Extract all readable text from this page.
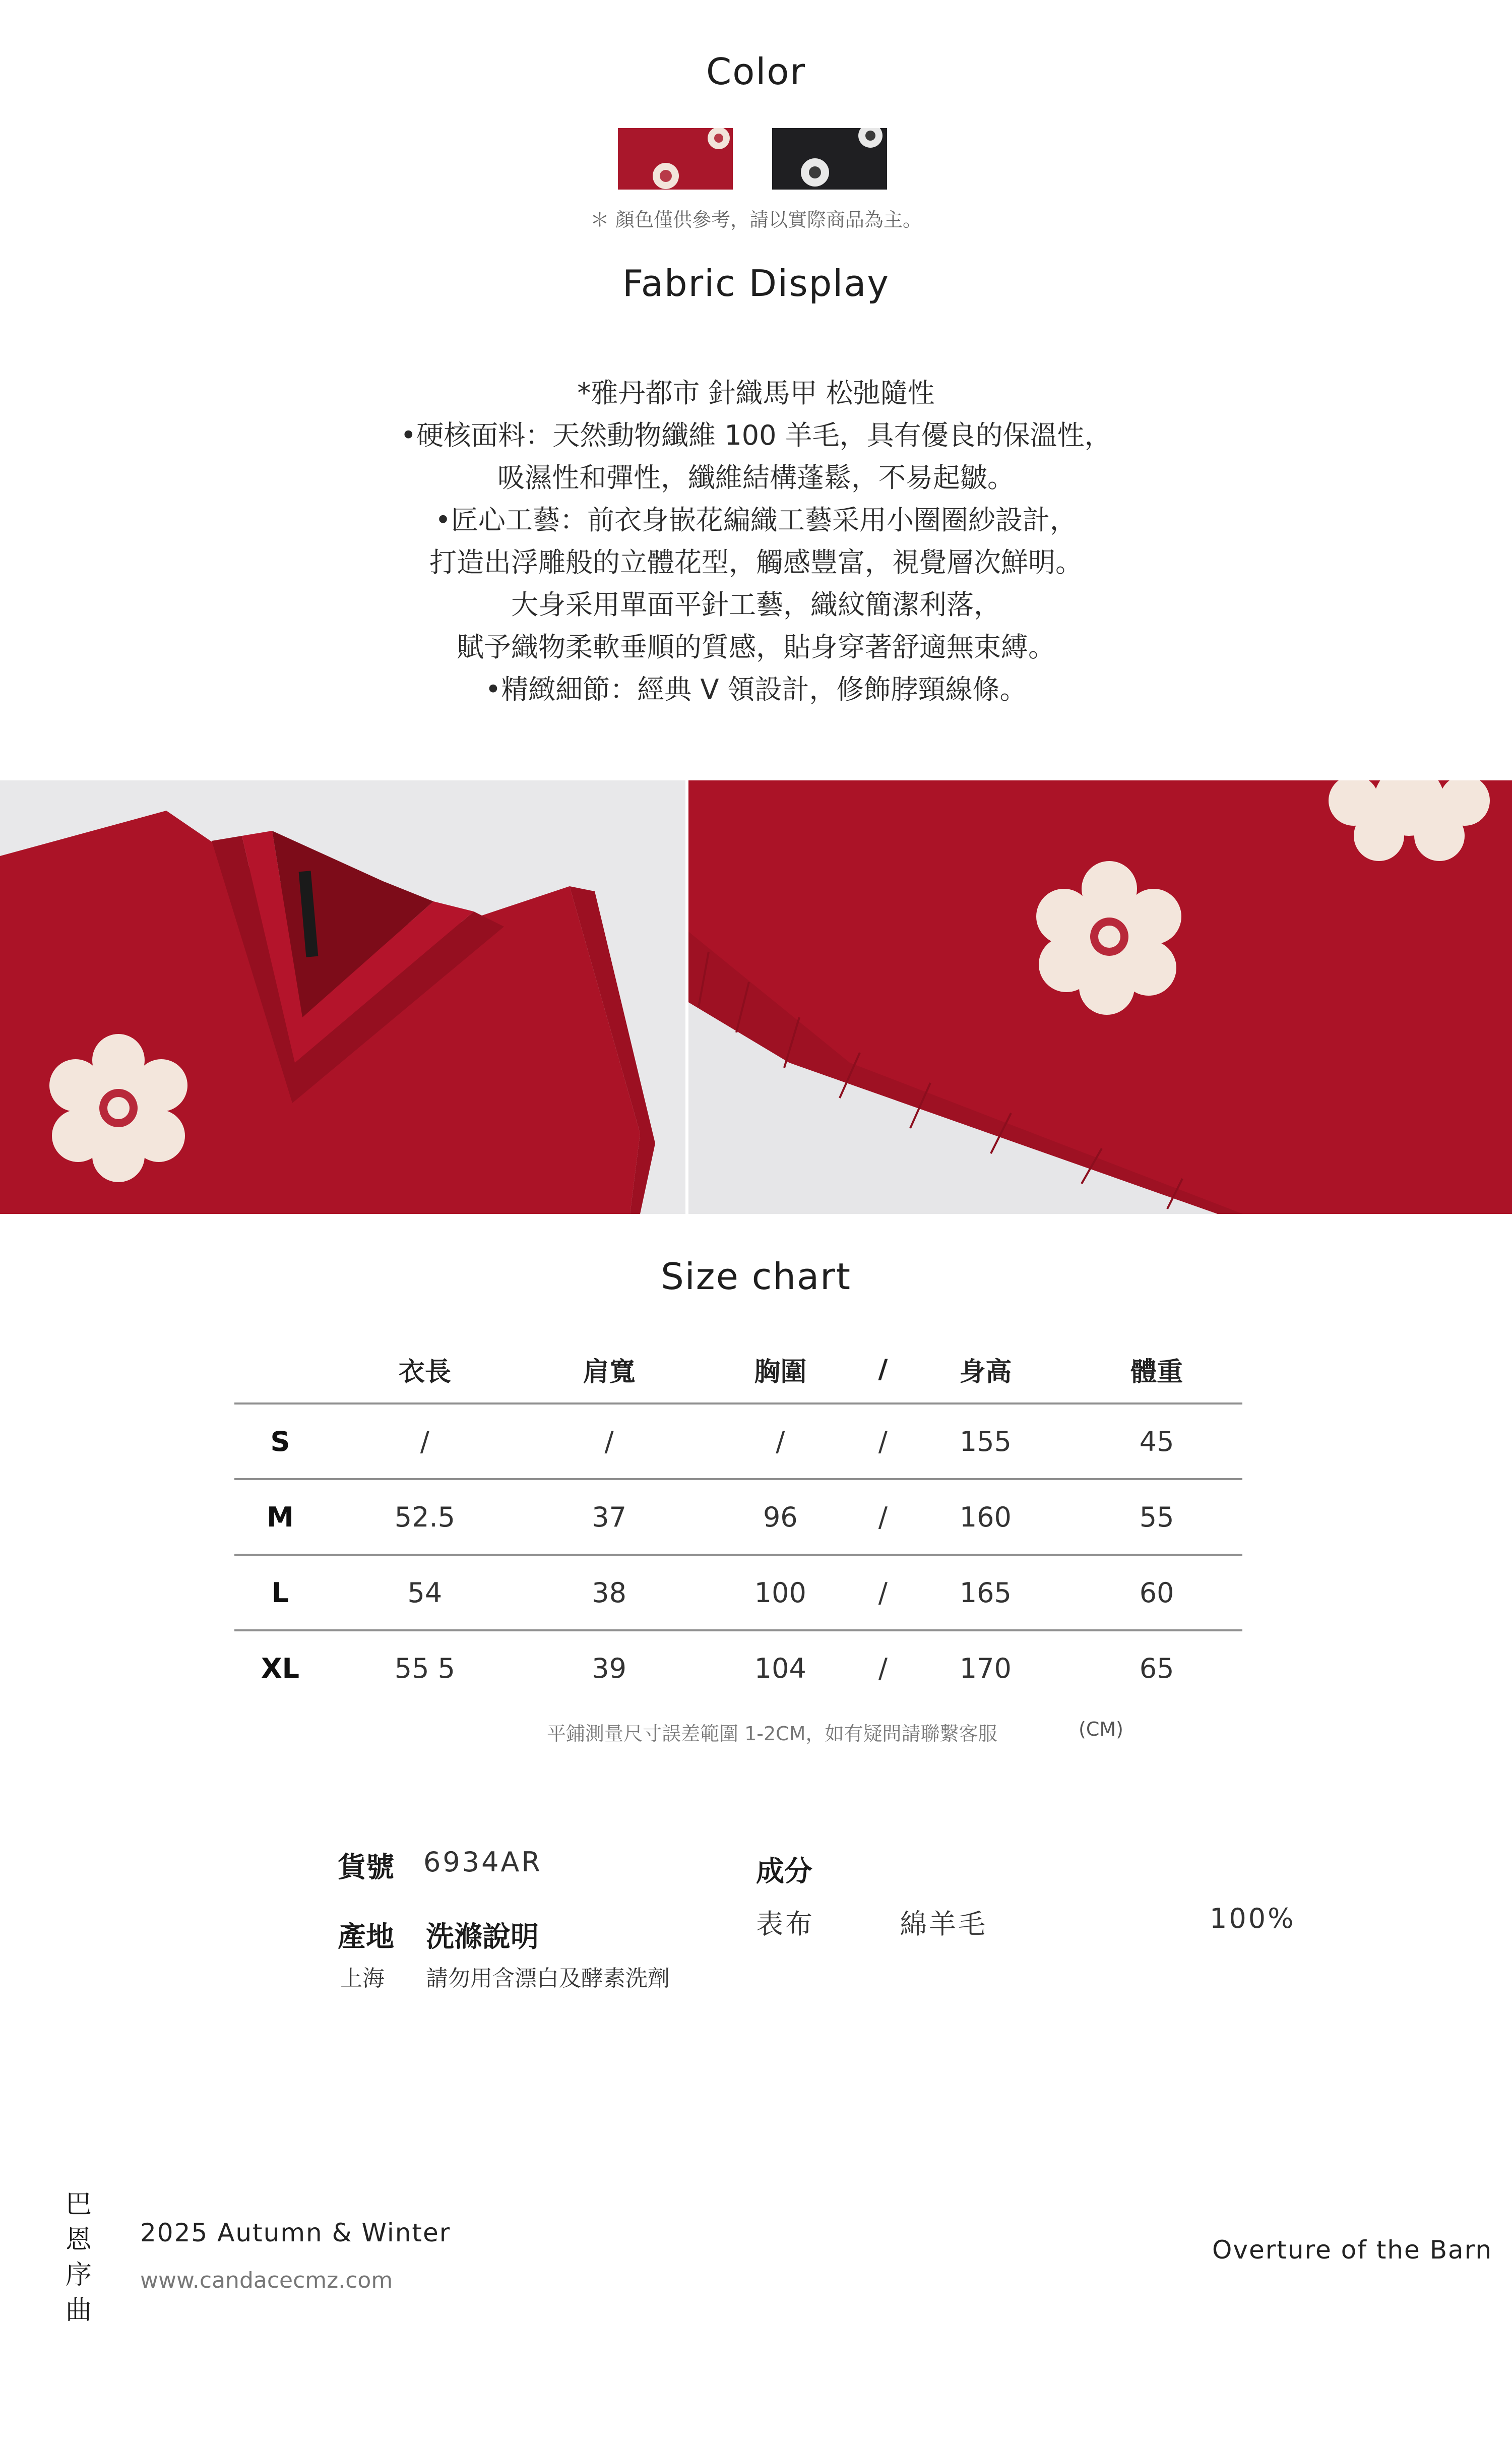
Color
＊ 顏色僅供參考，請以實際商品為主。
Fabric Display
*雅丹都市 針織馬甲 松弛隨性
•硬核面料：天然動物纖維 100 羊毛，具有優良的保溫性，
吸濕性和彈性，纖維結構蓬鬆，不易起皺。
•匠心工藝：前衣身嵌花編織工藝采用小圈圈紗設計，
打造出浮雕般的立體花型，觸感豐富，視覺層次鮮明。
大身采用單面平針工藝，織紋簡潔利落，
賦予織物柔軟垂順的質感，貼身穿著舒適無束縛。
•精緻細節：經典 V 領設計，修飾脖頸線條。
Size chart
	衣長	肩寬	胸圍	/	身高	體重
S	/	/	/	/	155	45
M	52.5	37	96	/	160	55
L	54	38	100	/	165	60
XL	55 5	39	104	/	170	65
平鋪測量尺寸誤差範圍 1-2CM，如有疑問請聯繫客服	(CM)
貨號 6934AR
產地 洗滌說明
上海 請勿用含漂白及酵素洗劑
成分
表布	綿羊毛	100%
巴
恩
序
曲
2025 Autumn & Winter
www.candacecmz.com
Overture of the Barn
